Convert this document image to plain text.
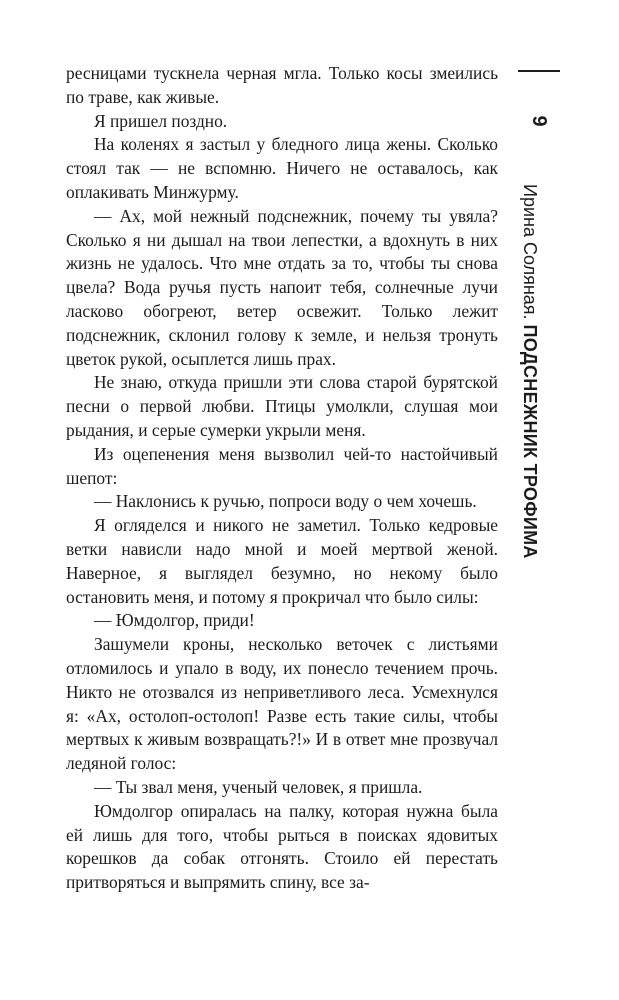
ресницами тускнела черная мгла. Только косы змеились по траве, как живые.

Я пришел поздно.

На коленях я застыл у бледного лица жены. Сколько стоял так — не вспомню. Ничего не оставалось, как оплакивать Минжурму.

— Ах, мой нежный подснежник, почему ты увяла? Сколько я ни дышал на твои лепестки, а вдохнуть в них жизнь не удалось. Что мне отдать за то, чтобы ты снова цвела? Вода ручья пусть напоит тебя, солнечные лучи ласково обогреют, ветер освежит. Только лежит подснежник, склонил голову к земле, и нельзя тронуть цветок рукой, осыплется лишь прах.

Не знаю, откуда пришли эти слова старой бурятской песни о первой любви. Птицы умолкли, слушая мои рыдания, и серые сумерки укрыли меня.

Из оцепенения меня вызволил чей-то настойчивый шепот:

— Наклонись к ручью, попроси воду о чем хочешь.

Я огляделся и никого не заметил. Только кедровые ветки нависли надо мной и моей мертвой женой. Наверное, я выглядел безумно, но некому было остановить меня, и потому я прокричал что было силы:

— Юмдолгор, приди!

Зашумели кроны, несколько веточек с листьями отломилось и упало в воду, их понесло течением прочь. Никто не отозвался из неприветливого леса. Усмехнулся я: «Ах, остолоп-остолоп! Разве есть такие силы, чтобы мертвых к живым возвращать?!» И в ответ мне прозвучал ледяной голос:

— Ты звал меня, ученый человек, я пришла.

Юмдолгор опиралась на палку, которая нужна была ей лишь для того, чтобы рыться в поисках ядовитых корешков да собак отгонять. Стоило ей перестать притворяться и выпрямить спину, все за-

9
Ирина Соляная. ПОДСНЕЖНИК ТРОФИМА
